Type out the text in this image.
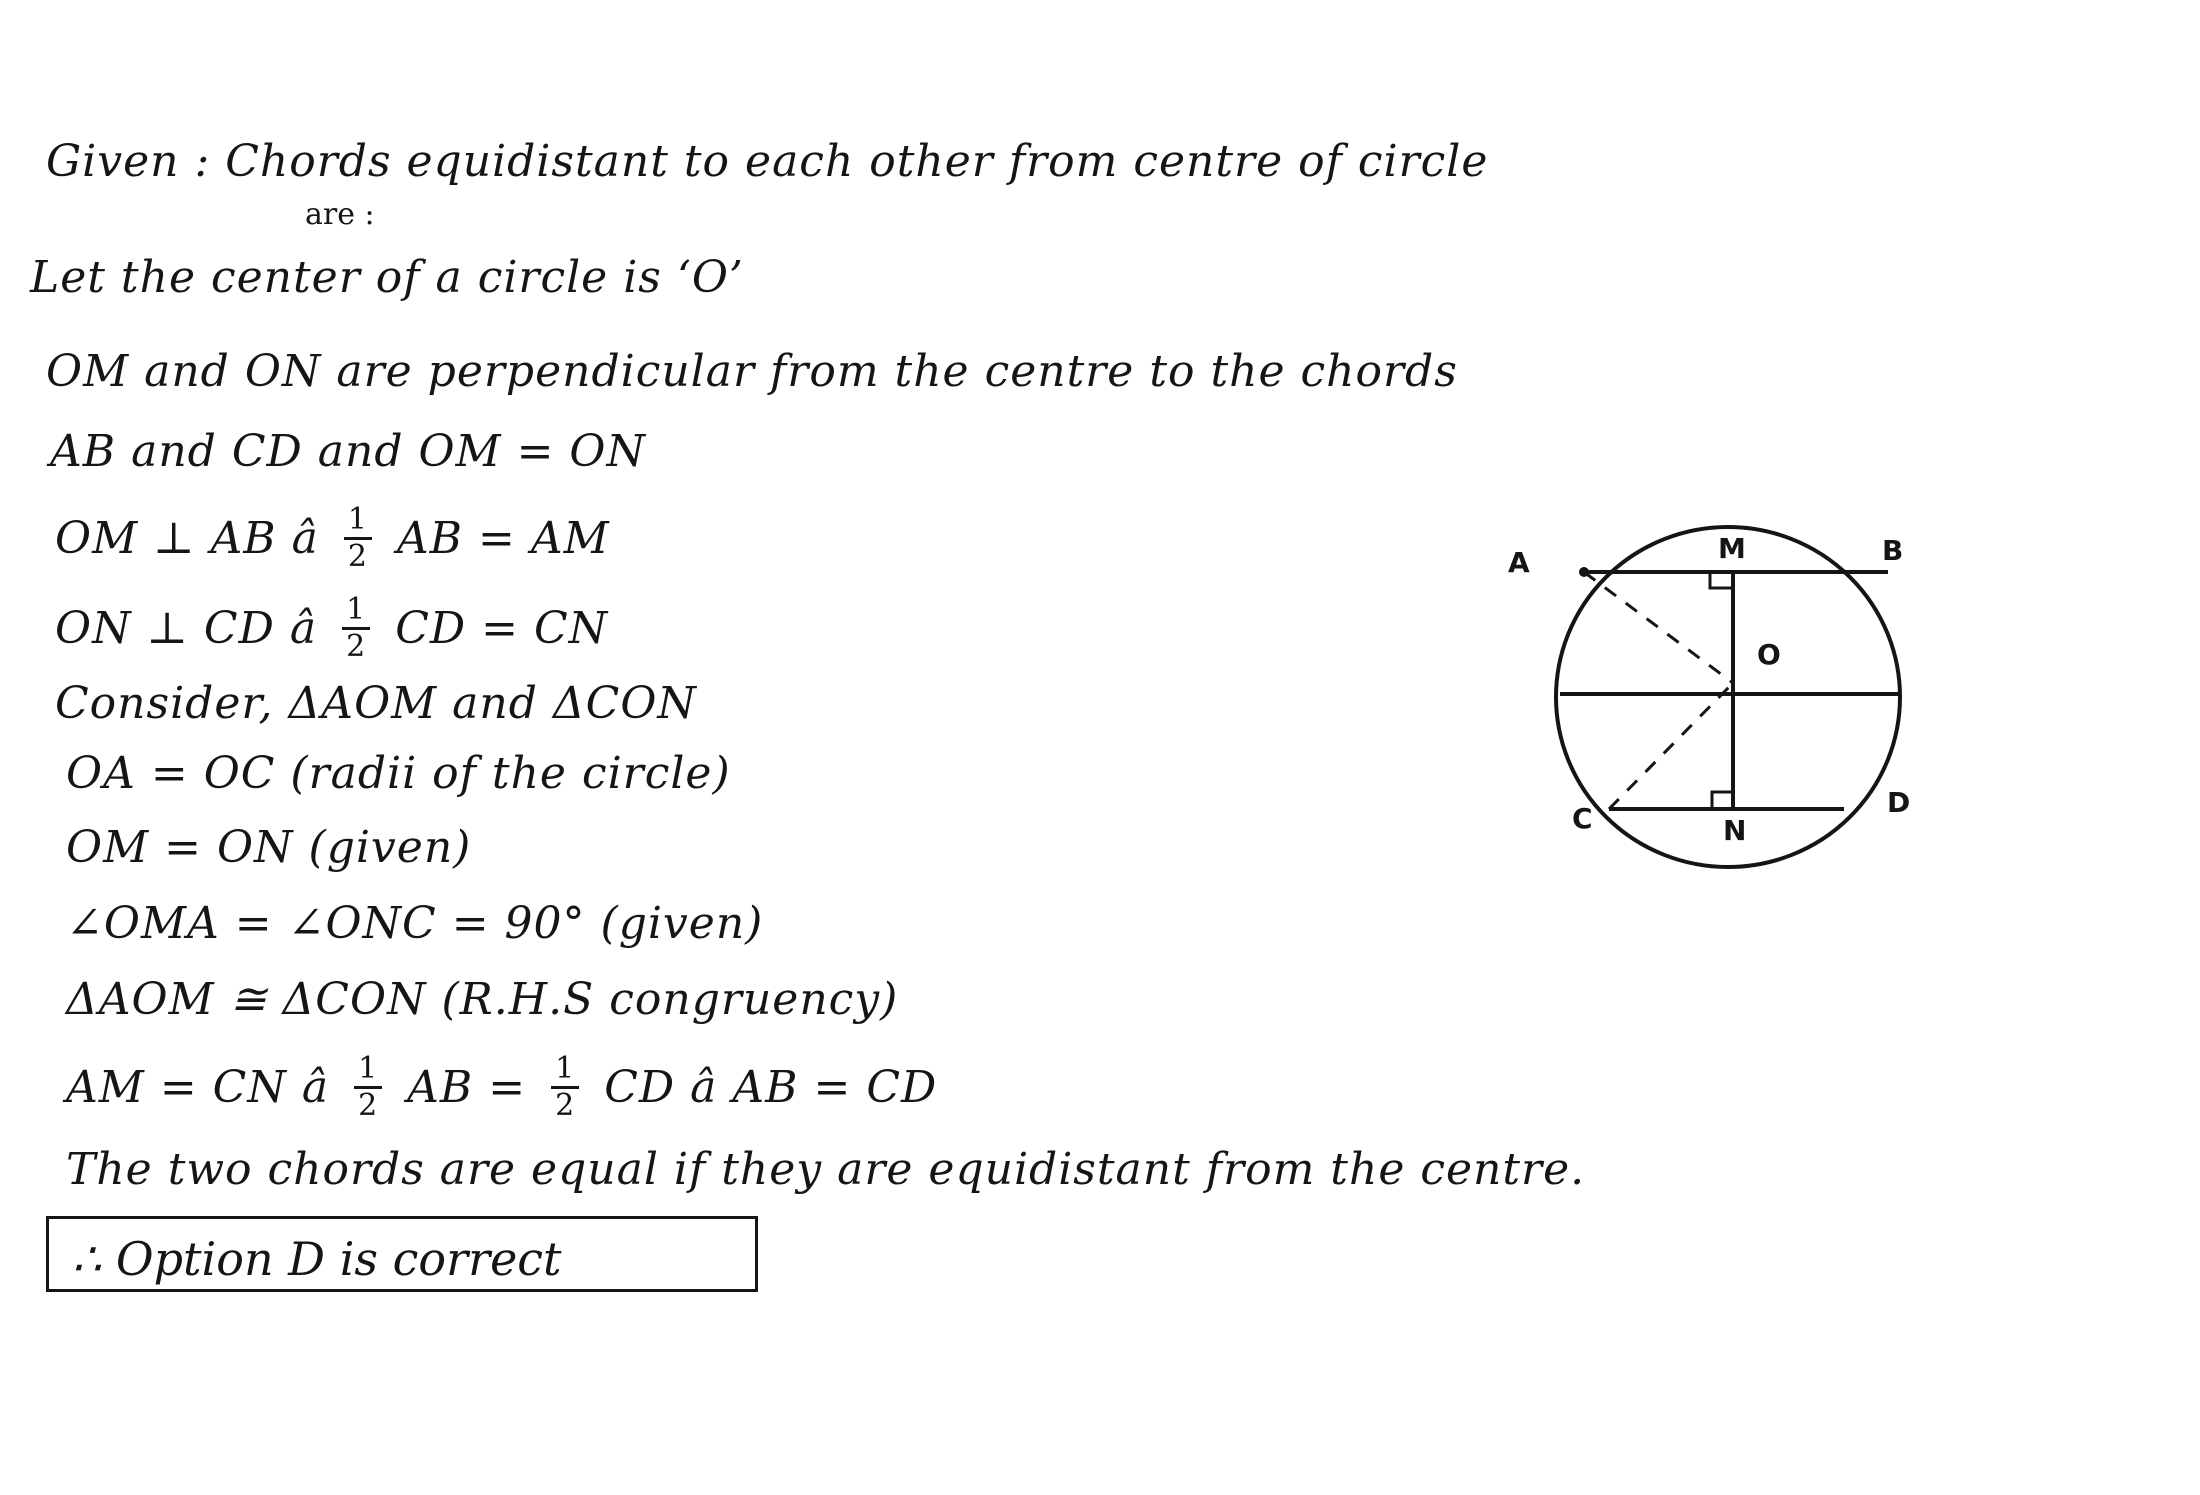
Given : Chords equidistant to each other from centre of circle
are :
Let the center of a circle is ‘O’
OM and ON are perpendicular from the centre to the chords
AB and CD and OM = ON
OM ⊥ AB â $\frac{1}{2}$ AB = AM
ON ⊥ CD â $\frac{1}{2}$ CD = CN
Consider, ΔAOM and ΔCON
OA = OC (radii of the circle)
OM = ON (given)
∠OMA = ∠ONC = 90° (given)
ΔAOM ≅ ΔCON (R.H.S congruency)
AM = CN â $\frac{1}{2}$ AB = $\frac{1}{2}$ CD â AB = CD
The two chords are equal if they are equidistant from the centre.
∴ Option D is correct
A	M	B
O
C	D
N
